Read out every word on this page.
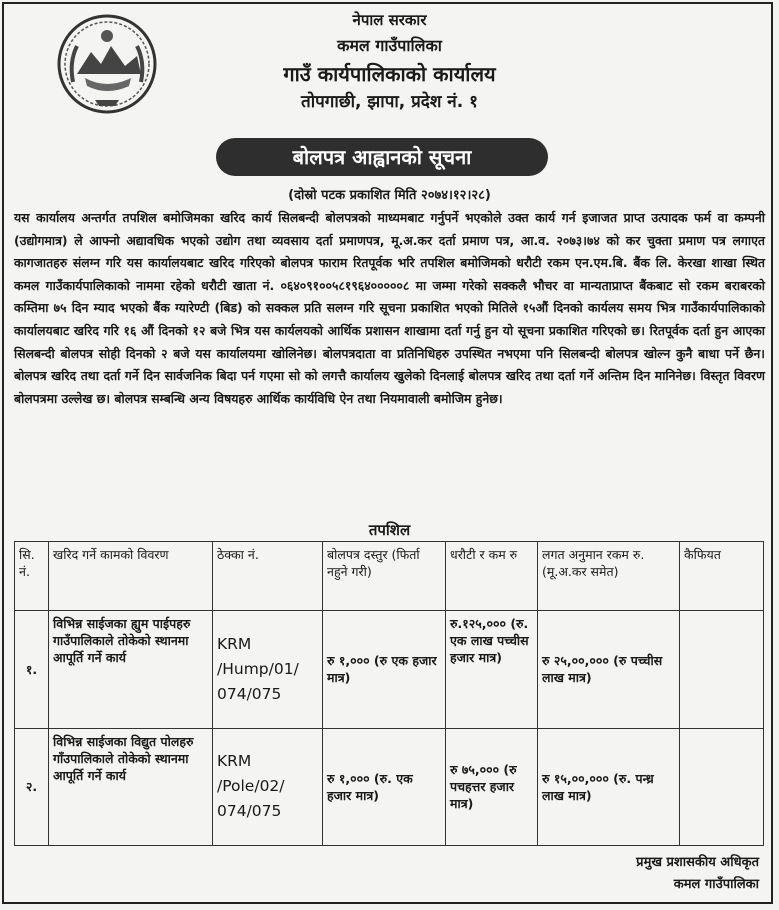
नेपाल सरकार
कमल गाउँपालिका
गाउँ कार्यपालिकाको कार्यालय
तोपगाछी, झापा, प्रदेश नं. १
बोलपत्र आह्वानको सूचना
(दोस्रो पटक प्रकाशित मिति २०७४।१२।२८)
यस कार्यालय अन्तर्गत तपशिल बमोजिमका खरिद कार्य सिलबन्दी बोलपत्रको माध्यमबाट गर्नुपर्ने भएकोले उक्त कार्य गर्न इजाजत प्राप्त उत्पादक फर्म वा कम्पनी (उद्योगमात्र) ले आफ्नो अद्यावधिक भएको उद्योग तथा व्यवसाय दर्ता प्रमाणपत्र, मू.अ.कर दर्ता प्रमाण पत्र, आ.व. २०७३।७४ को कर चुक्ता प्रमाण पत्र लगाएत कागजातहरु संलग्न गरि यस कार्यालयबाट खरिद गरिएको बोलपत्र फाराम रितपूर्वक भरि तपशिल बमोजिमको धरौटी रकम एन.एम.बि. बैंक लि. केरखा शाखा स्थित कमल गाउँकार्यपालिकाको नाममा रहेको धरौटी खाता नं. ०६४०९१००५८१९६४०००००८ मा जम्मा गरेको सक्कलै भौचर वा मान्यताप्राप्त बैंकबाट सो रकम बराबरको कम्तिमा ७५ दिन म्याद भएको बैंक ग्यारेण्टी (बिड) को सक्कल प्रति सलग्न गरि सूचना प्रकाशित भएको मितिले १५औं दिनको कार्यलय समय भित्र गाउँकार्यपालिकाको कार्यालयबाट खरिद गरि १६ औं दिनको १२ बजे भित्र यस कार्यलयको आर्थिक प्रशासन शाखामा दर्ता गर्नु हुन यो सूचना प्रकाशित गरिएको छ। रितपूर्वक दर्ता हुन आएका सिलबन्दी बोलपत्र सोही दिनको २ बजे यस कार्यालयमा खोलिनेछ। बोलपत्रदाता वा प्रतिनिधिहरु उपस्थित नभएमा पनि सिलबन्दी बोलपत्र खोल्न कुनै बाधा पर्ने छैन। बोलपत्र खरिद तथा दर्ता गर्ने दिन सार्वजनिक बिदा पर्न गएमा सो को लगत्तै कार्यालय खुलेको दिनलाई बोलपत्र खरिद तथा दर्ता गर्ने अन्तिम दिन मानिनेछ। विस्तृत विवरण बोलपत्रमा उल्लेख छ। बोलपत्र सम्बन्धि अन्य विषयहरु आर्थिक कार्यविधि ऐन तथा नियमावाली बमोजिम हुनेछ।
तपशिल
सि. नं.	खरिद गर्ने कामको विवरण	ठेक्का नं.	बोलपत्र दस्तुर (फिर्ता नहुने गरी)	धरौटी र कम रु	लगत अनुमान रकम रु. (मू.अ.कर समेत)	कैफियत
१.	विभिन्न साईजका ह्युम पाईपहरु गाउँपालिकाले तोकेको स्थानमा आपूर्ति गर्ने कार्य	KRM /Hump/01/ 074/075	रु १,००० (रु एक हजार मात्र)	रु.१२५,००० (रु. एक लाख पच्चीस हजार मात्र)	रु २५,००,००० (रु पच्चीस लाख मात्र)	
२.	विभिन्न साईजका विद्युत पोलहरु गाँउपालिकाले तोकेको स्थानमा आपूर्ति गर्ने कार्य	KRM /Pole/02/ 074/075	रु १,००० (रु. एक हजार मात्र)	रु ७५,००० (रु पचहत्तर हजार मात्र)	रु १५,००,००० (रु. पन्ध्र लाख मात्र)	
प्रमुख प्रशासकीय अधिकृत
कमल गाउँपालिका
